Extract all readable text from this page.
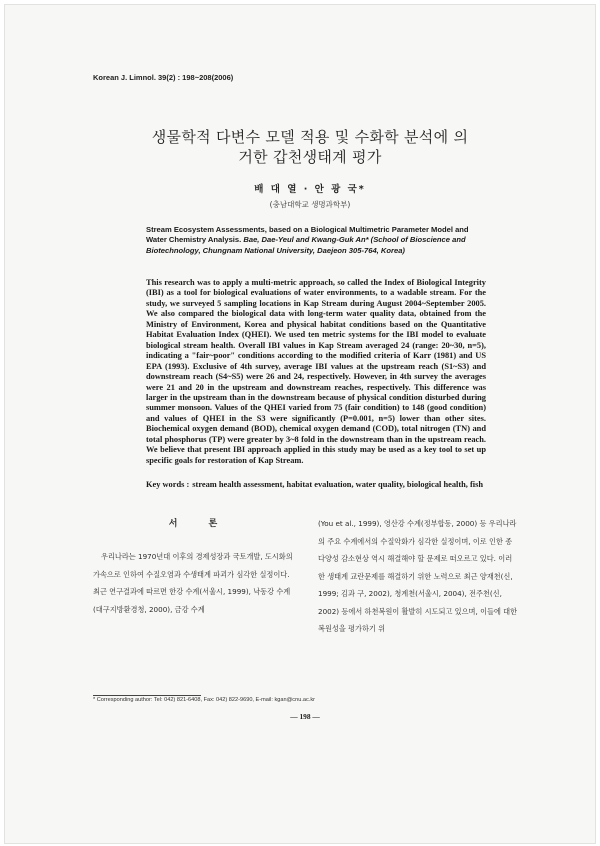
Korean J. Limnol. 39(2) : 198~208(2006)
생물학적 다변수 모델 적용 및 수화학 분석에 의거한 갑천생태계 평가
배 대 열 · 안 광 국*
(충남대학교 생명과학부)
Stream Ecosystem Assessments, based on a Biological Multimetric Parameter Model and Water Chemistry Analysis. Bae, Dae-Yeul and Kwang-Guk An* (School of Bioscience and Biotechnology, Chungnam National University, Daejeon 305-764, Korea)
This research was to apply a multi-metric approach, so called the Index of Biological Integrity (IBI) as a tool for biological evaluations of water environments, to a wadable stream. For the study, we surveyed 5 sampling locations in Kap Stream during August 2004~September 2005. We also compared the biological data with long-term water quality data, obtained from the Ministry of Environment, Korea and physical habitat conditions based on the Quantitative Habitat Evaluation Index (QHEI). We used ten metric systems for the IBI model to evaluate biological stream health. Overall IBI values in Kap Stream averaged 24 (range: 20~30, n=5), indicating a "fair~poor" conditions according to the modified criteria of Karr (1981) and US EPA (1993). Exclusive of 4th survey, average IBI values at the upstream reach (S1~S3) and downstream reach (S4~S5) were 26 and 24, respectively. However, in 4th survey the averages were 21 and 20 in the upstream and downstream reaches, respectively. This difference was larger in the upstream than in the downstream because of physical condition disturbed during summer monsoon. Values of the QHEI varied from 75 (fair condition) to 148 (good condition) and values of QHEI in the S3 were significantly (P=0.001, n=5) lower than other sites. Biochemical oxygen demand (BOD), chemical oxygen demand (COD), total nitrogen (TN) and total phosphorus (TP) were greater by 3~8 fold in the downstream than in the upstream reach. We believe that present IBI approach applied in this study may be used as a key tool to set up specific goals for restoration of Kap Stream.
Key words : stream health assessment, habitat evaluation, water quality, biological health, fish
우리나라는 1970년대 이후의 경제성장과 국토개발, 도시화의 가속으로 인하여 수질오염과 수생태계 파괴가 심각한 실정이다. 최근 연구결과에 따르면 한강 수계(서울시, 1999), 낙동강 수계(대구지방환경청, 2000), 금강 수계
(You et al., 1999), 영산강 수계(정부합동, 2000) 등 우리나라의 주요 수계에서의 수질악화가 심각한 실정이며, 이로 인한 종다양성 감소현상 역시 해결해야 할 문제로 떠오르고 있다. 이러한 생태계 교란문제를 해결하기 위한 노력으로 최근 양재천(신, 1999; 김과 구, 2002), 청계천(서울시, 2004), 전주천(신, 2002) 등에서 하천복원이 활발히 시도되고 있으며, 이들에 대한 복원성을 평가하기 위
서 론
* Corresponding author: Tel: 042) 821-6408, Fax: 042) 822-9690, E-mail: kgan@cnu.ac.kr
— 198 —
